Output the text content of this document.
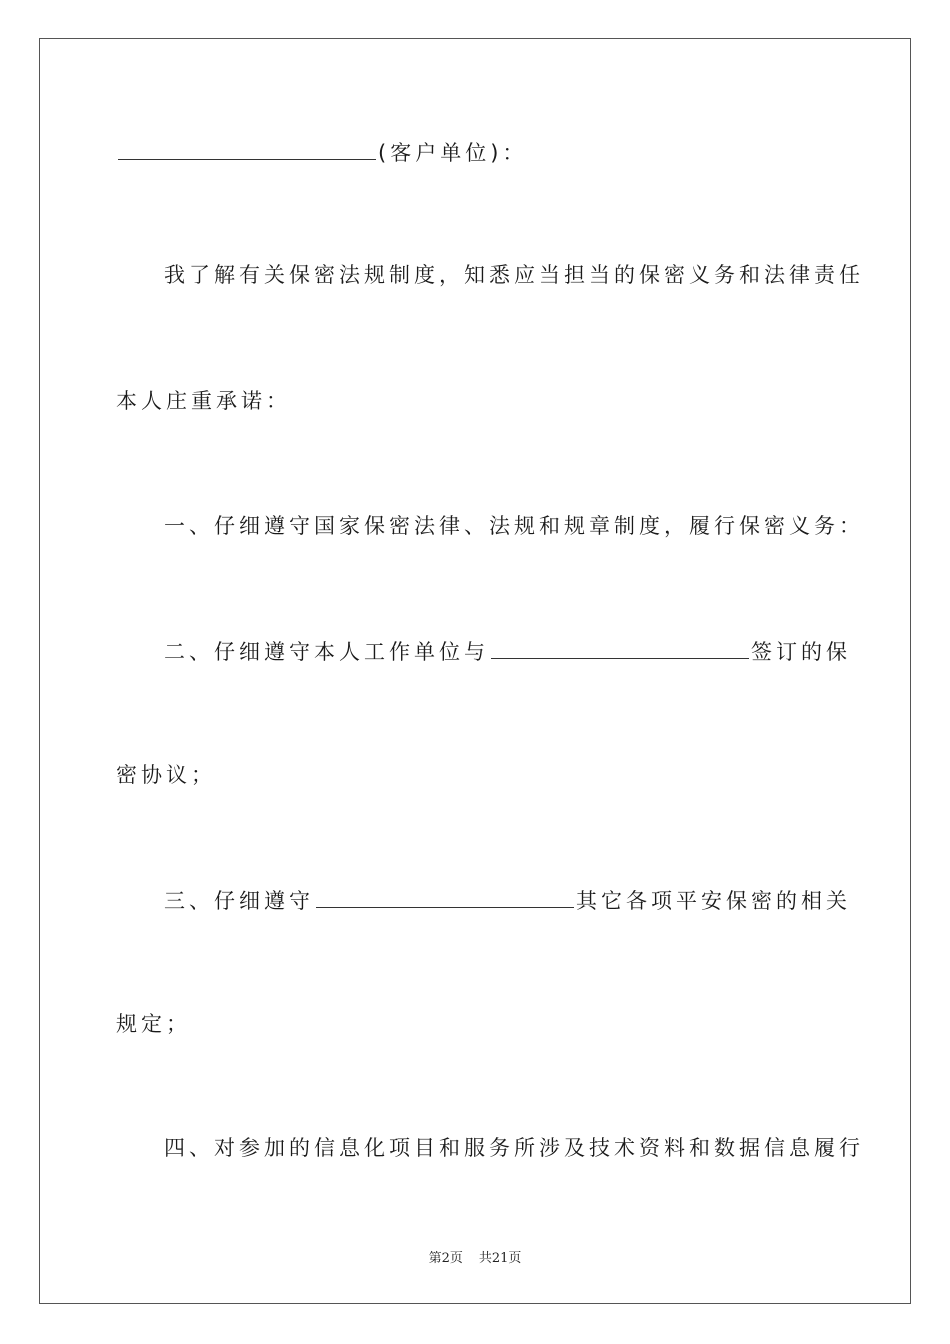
(客户单位)：
我了解有关保密法规制度，知悉应当担当的保密义务和法律责任
本人庄重承诺：
一、仔细遵守国家保密法律、法规和规章制度，履行保密义务：
二、仔细遵守本人工作单位与	签订的保
密协议；
三、仔细遵守	其它各项平安保密的相关
规定；
四、对参加的信息化项目和服务所涉及技术资料和数据信息履行
第2页 共21页
